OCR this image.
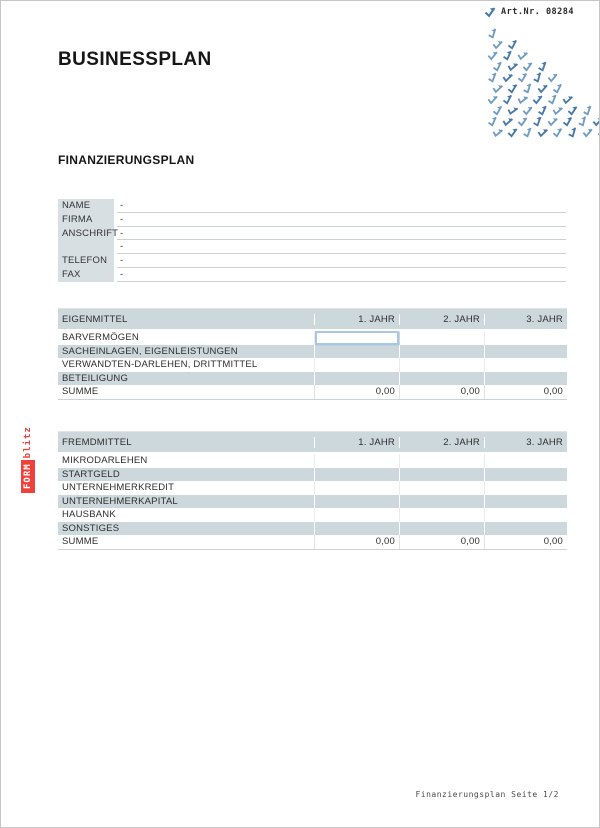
Art.Nr. 08284
BUSINESSPLAN
FINANZIERUNGSPLAN
NAME	-
FIRMA	-
ANSCHRIFT -
-
TELEFON	-
FAX	-
EIGENMITTEL	1. JAHR	2. JAHR	3. JAHR
BARVERMÖGEN
SACHEINLAGEN, EIGENLEISTUNGEN
VERWANDTEN-DARLEHEN, DRITTMITTEL
BETEILIGUNG
SUMME	0,00	0,00	0,00
FREMDMITTEL	1. JAHR	2. JAHR	3. JAHR
MIKRODARLEHEN
STARTGELD
UNTERNEHMERKREDIT
UNTERNEHMERKAPITAL
HAUSBANK
SONSTIGES
SUMME	0,00	0,00	0,00
FORM
blitz
Finanzierungsplan Seite 1/2
